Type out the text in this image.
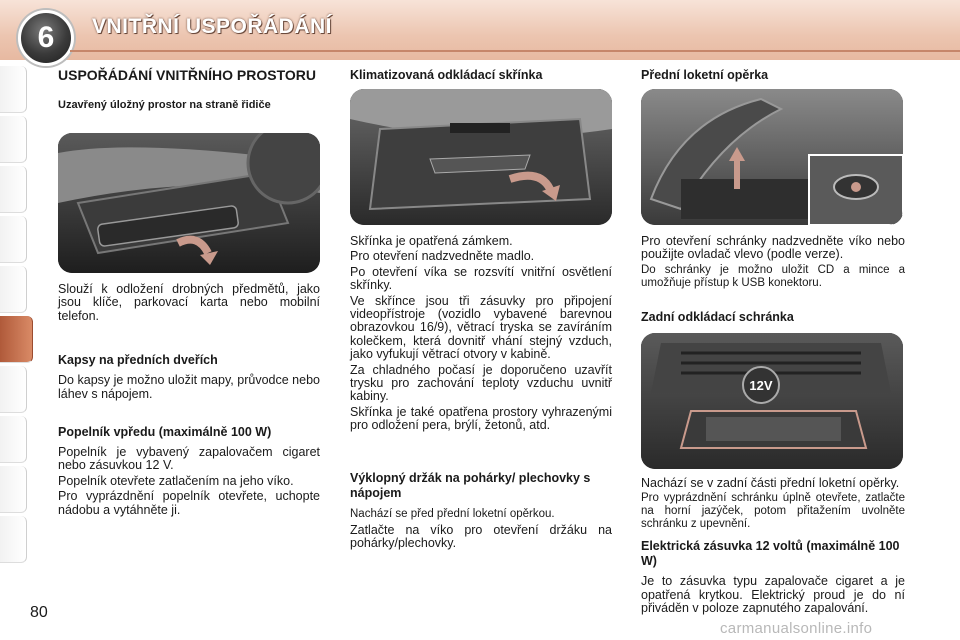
6	VNITŘNÍ USPOŘÁDÁNÍ
USPOŘÁDÁNÍ VNITŘNÍHO PROSTORU
Uzavřený úložný prostor na straně řidiče

Slouží k odložení drobných předmětů, jako jsou klíče, parkovací karta nebo mobilní telefon.

Kapsy na předních dveřích

Do kapsy je možno uložit mapy, průvodce nebo láhev s nápojem.

Popelník vpředu (maximálně 100 W)

Popelník je vybavený zapalovačem cigaret nebo zásuvkou 12 V.

Popelník otevřete zatlačením na jeho víko.

Pro vyprázdnění popelník otevřete, uchopte nádobu a vytáhněte ji.

Klimatizovaná odkládací skřínka

Skřínka je opatřená zámkem.

Pro otevření nadzvedněte madlo.

Po otevření víka se rozsvítí vnitřní osvětlení skřínky.

Ve skřínce jsou tři zásuvky pro připojení videopřístroje (vozidlo vybavené barevnou obrazovkou 16/9), větrací tryska se zavíráním kolečkem, která dovnitř vhání stejný vzduch, jako vyfukují větrací otvory v kabině.

Za chladného počasí je doporučeno uzavřít trysku pro zachování teploty vzduchu uvnitř kabiny.

Skřínka je také opatřena prostory vyhrazenými pro odložení pera, brýlí, žetonů, atd.

Výklopný držák na pohárky/ plechovky s nápojem

Nachází se před přední loketní opěrkou.

Zatlačte na víko pro otevření držáku na pohárky/plechovky.

Přední loketní opěrka

Pro otevření schránky nadzvedněte víko nebo použijte ovladač vlevo (podle verze).

Do schránky je možno uložit CD a mince a umožňuje přístup k USB konektoru.

Zadní odkládací schránka
12V

Nachází se v zadní části přední loketní opěrky.

Pro vyprázdnění schránku úplně otevřete, zatlačte na horní jazýček, potom přitažením uvolněte schránku z upevnění.

Elektrická zásuvka 12 voltů (maximálně 100 W)

Je to zásuvka typu zapalovače cigaret a je opatřená krytkou. Elektrický proud je do ní přiváděn v poloze zapnutého zapalování.

80
carmanualsonline.info
